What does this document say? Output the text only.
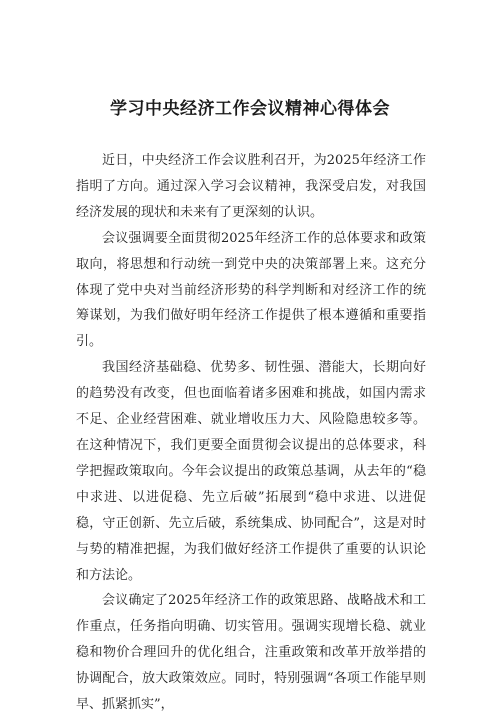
学习中央经济工作会议精神心得体会

近日，中央经济工作会议胜利召开，为2025年经济工作指明了方向。通过深入学习会议精神，我深受启发，对我国经济发展的现状和未来有了更深刻的认识。

会议强调要全面贯彻2025年经济工作的总体要求和政策取向，将思想和行动统一到党中央的决策部署上来。这充分体现了党中央对当前经济形势的科学判断和对经济工作的统筹谋划，为我们做好明年经济工作提供了根本遵循和重要指引。

我国经济基础稳、优势多、韧性强、潜能大，长期向好的趋势没有改变，但也面临着诸多困难和挑战，如国内需求不足、企业经营困难、就业增收压力大、风险隐患较多等。在这种情况下，我们更要全面贯彻会议提出的总体要求，科学把握政策取向。今年会议提出的政策总基调，从去年的“稳中求进、以进促稳、先立后破”拓展到“稳中求进、以进促稳，守正创新、先立后破，系统集成、协同配合”，这是对时与势的精准把握，为我们做好经济工作提供了重要的认识论和方法论。

会议确定了2025年经济工作的政策思路、战略战术和工作重点，任务指向明确、切实管用。强调实现增长稳、就业稳和物价合理回升的优化组合，注重政策和改革开放举措的协调配合，放大政策效应。同时，特别强调“各项工作能早则早、抓紧抓实”，
